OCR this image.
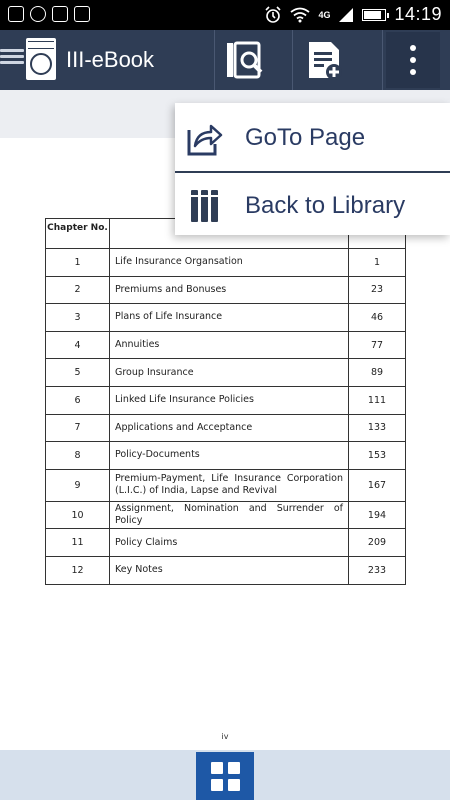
4G	14:19
III-eBook
Chapter No.		
1	Life Insurance Organsation	1
2	Premiums and Bonuses	23
3	Plans of Life Insurance	46
4	Annuities	77
5	Group Insurance	89
6	Linked Life Insurance Policies	111
7	Applications and Acceptance	133
8	Policy-Documents	153
9	Premium-Payment, Life Insurance Corporation (L.I.C.) of India, Lapse and Revival	167
10	Assignment, Nomination and Surrender of Policy	194
11	Policy Claims	209
12	Key Notes	233
iv
GoTo Page
Back to Library
